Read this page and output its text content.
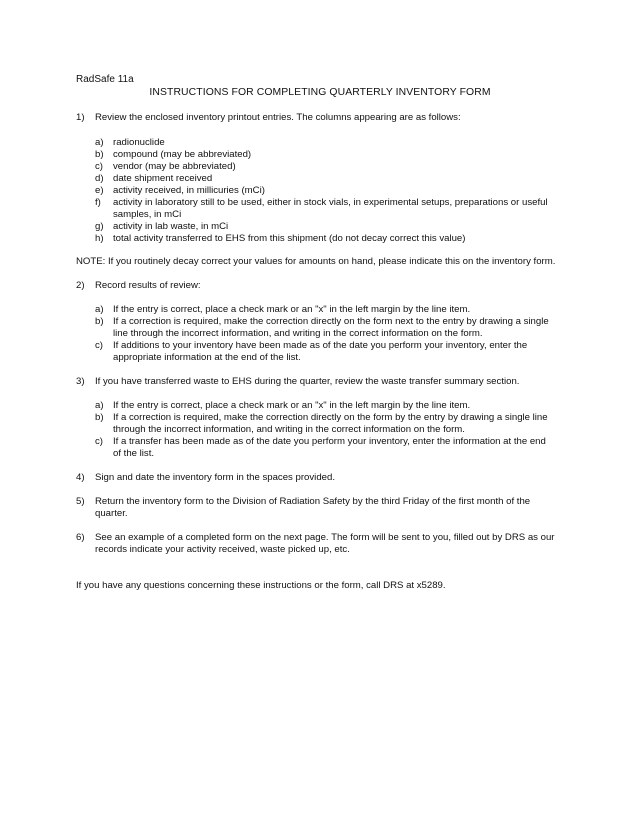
RadSafe 11a
INSTRUCTIONS FOR COMPLETING QUARTERLY INVENTORY FORM
1) Review the enclosed inventory printout entries. The columns appearing are as follows:
a) radionuclide
b) compound (may be abbreviated)
c) vendor (may be abbreviated)
d) date shipment received
e) activity received, in millicuries (mCi)
f) activity in laboratory still to be used, either in stock vials, in experimental setups, preparations or useful samples, in mCi
g) activity in lab waste, in mCi
h) total activity transferred to EHS from this shipment (do not decay correct this value)
NOTE: If you routinely decay correct your values for amounts on hand, please indicate this on the inventory form.
2) Record results of review:
a) If the entry is correct, place a check mark or an "x" in the left margin by the line item.
b) If a correction is required, make the correction directly on the form next to the entry by drawing a single line through the incorrect information, and writing in the correct information on the form.
c) If additions to your inventory have been made as of the date you perform your inventory, enter the appropriate information at the end of the list.
3) If you have transferred waste to EHS during the quarter, review the waste transfer summary section.
a) If the entry is correct, place a check mark or an "x" in the left margin by the line item.
b) If a correction is required, make the correction directly on the form by the entry by drawing a single line through the incorrect information, and writing in the correct information on the form.
c) If a transfer has been made as of the date you perform your inventory, enter the information at the end of the list.
4) Sign and date the inventory form in the spaces provided.
5) Return the inventory form to the Division of Radiation Safety by the third Friday of the first month of the quarter.
6) See an example of a completed form on the next page. The form will be sent to you, filled out by DRS as our records indicate your activity received, waste picked up, etc.
If you have any questions concerning these instructions or the form, call DRS at x5289.
